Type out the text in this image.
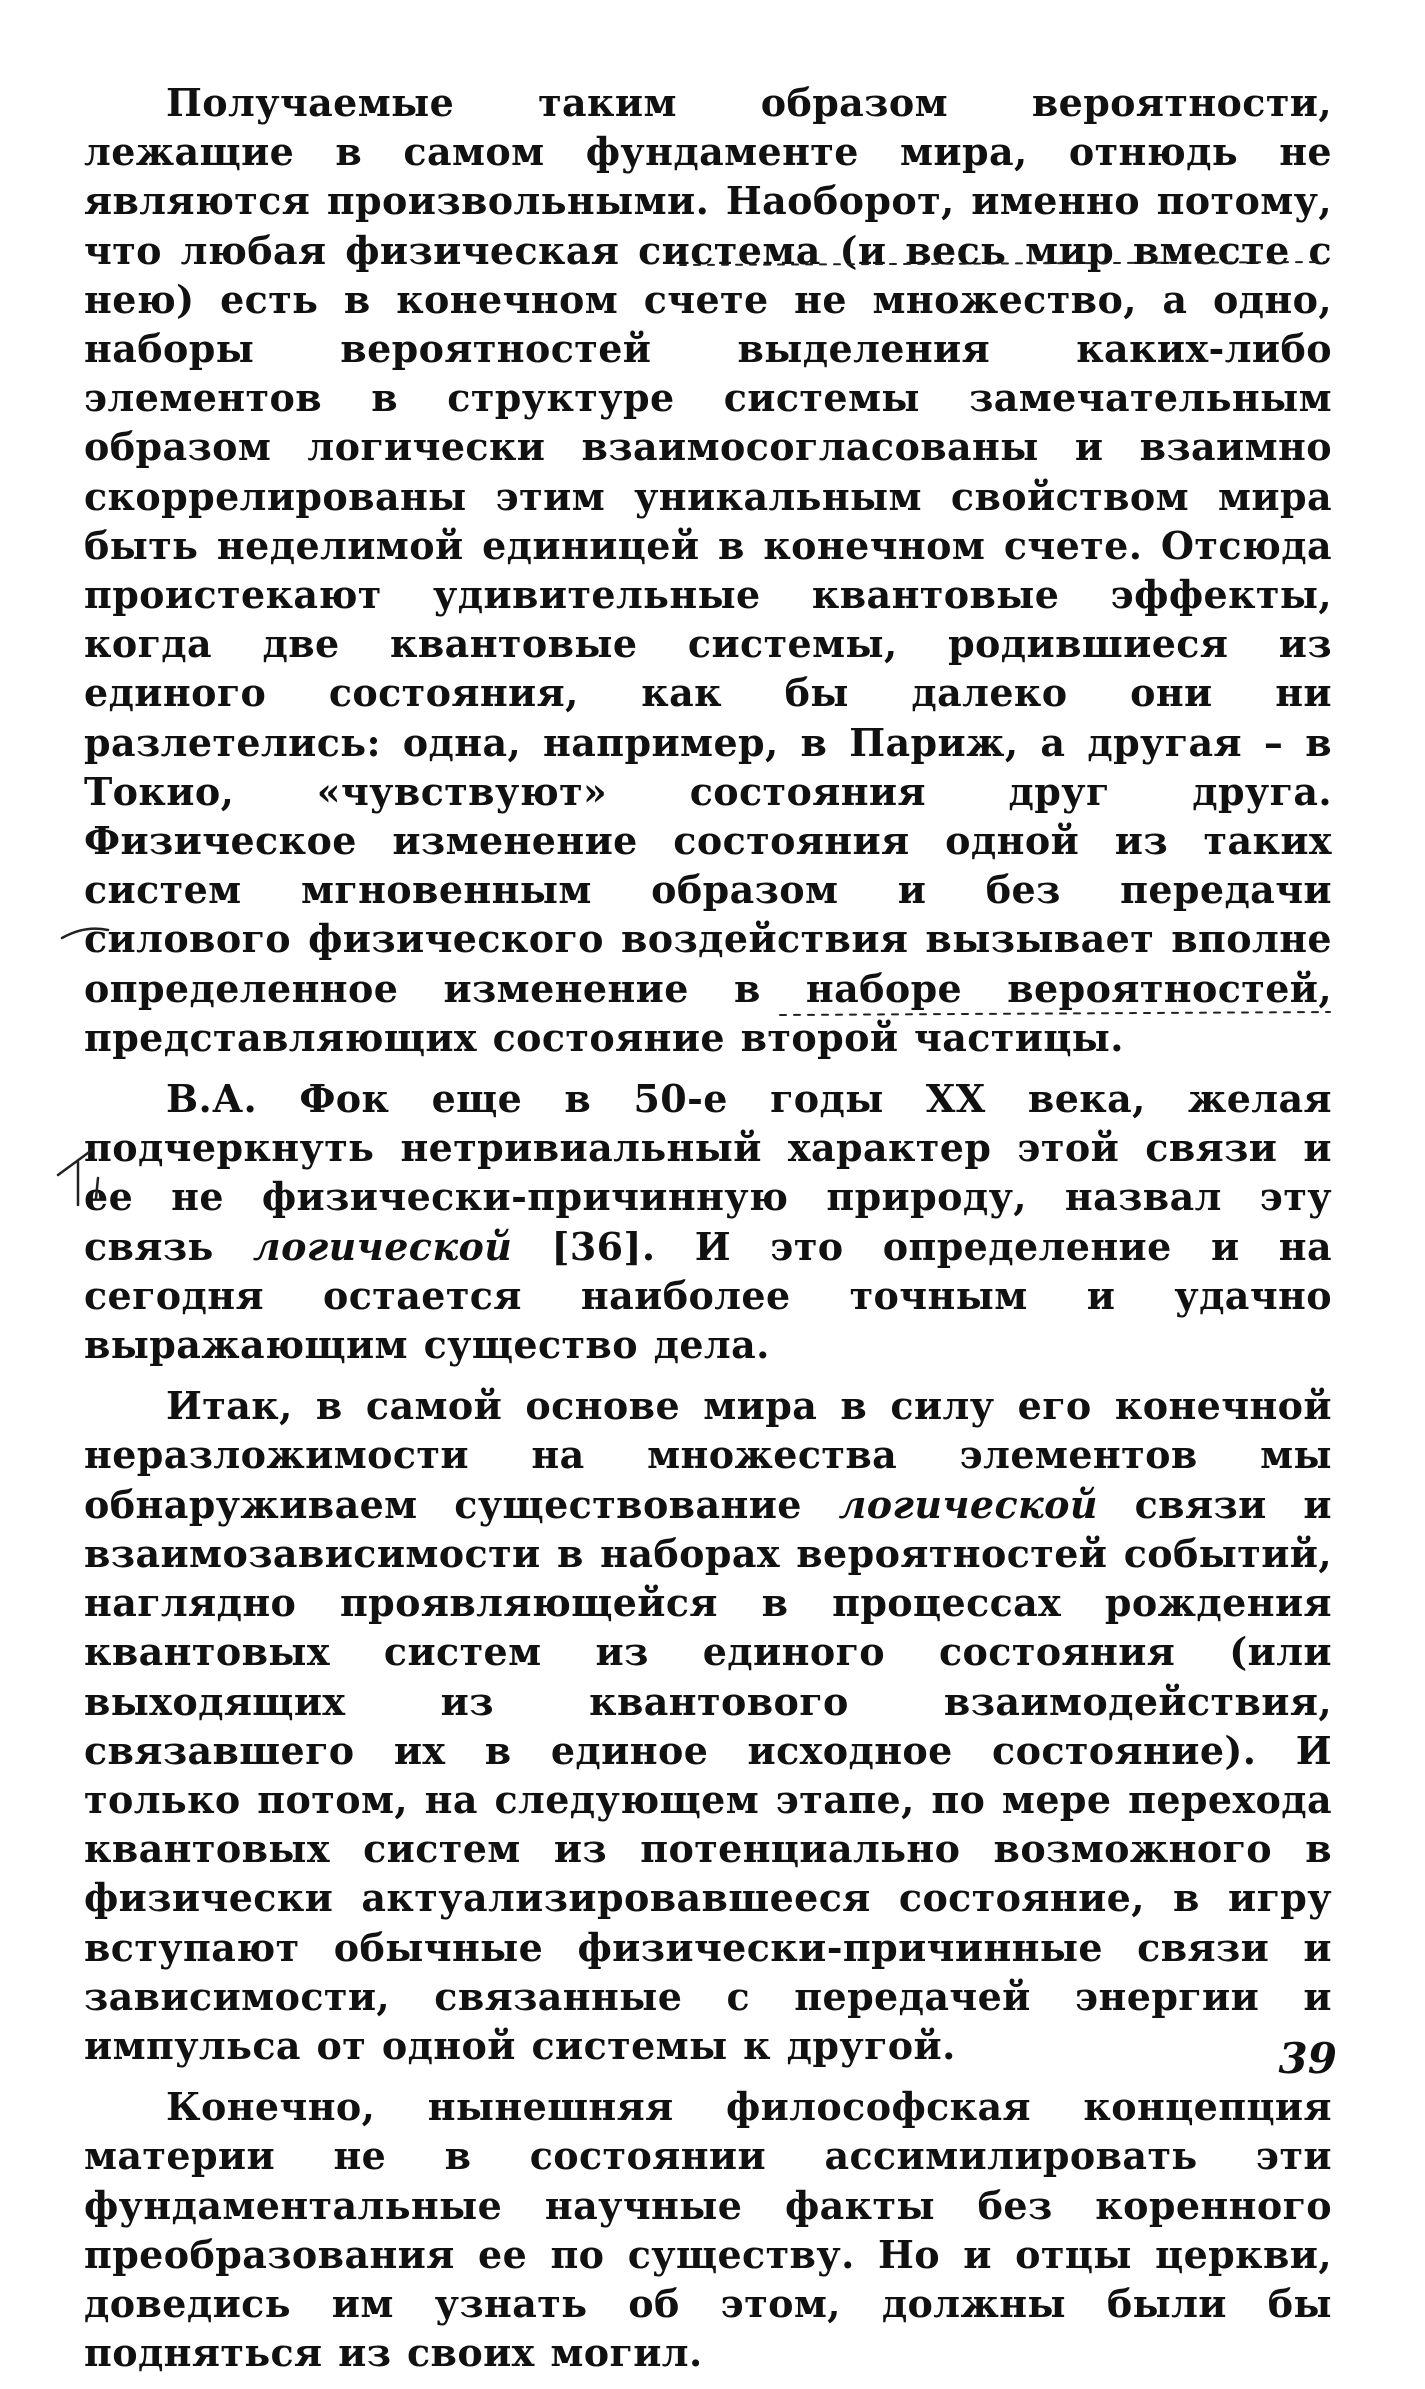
Получаемые таким образом вероятности, лежащие в самом фундаменте мира, отнюдь не являются произвольными. Наоборот, именно потому, что любая физическая система (и весь мир вместе с нею) есть в конечном счете не множество, а одно, наборы вероятностей выделения каких-либо элементов в структуре системы замечательным образом логически взаимосогласованы и взаимно скоррелированы этим уникальным свойством мира быть неделимой единицей в конечном счете. Отсюда проистекают удивительные квантовые эффекты, когда две квантовые системы, родившиеся из единого состояния, как бы далеко они ни разлетелись: одна, например, в Париж, а другая – в Токио, «чувствуют» состояния друг друга. Физическое изменение состояния одной из таких систем мгновенным образом и без передачи силового физического воздействия вызывает вполне определенное изменение в наборе вероятностей, представляющих состояние второй частицы.

В.А. Фок еще в 50-е годы XX века, желая подчеркнуть нетривиальный характер этой связи и ее не физически-причинную природу, назвал эту связь логической [36]. И это определение и на сегодня остается наиболее точным и удачно выражающим существо дела.

Итак, в самой основе мира в силу его конечной неразложимости на множества элементов мы обнаруживаем существование логической связи и взаимозависимости в наборах вероятностей событий, наглядно проявляющейся в процессах рождения квантовых систем из единого состояния (или выходящих из квантового взаимодействия, связавшего их в единое исходное состояние). И только потом, на следующем этапе, по мере перехода квантовых систем из потенциально возможного в физически актуализировавшееся состояние, в игру вступают обычные физически-причинные связи и зависимости, связанные с передачей энергии и импульса от одной системы к другой.

Конечно, нынешняя философская концепция материи не в состоянии ассимилировать эти фундаментальные научные факты без коренного преобразования ее по существу. Но и отцы церкви, доведись им узнать об этом, должны были бы подняться из своих могил.

39
